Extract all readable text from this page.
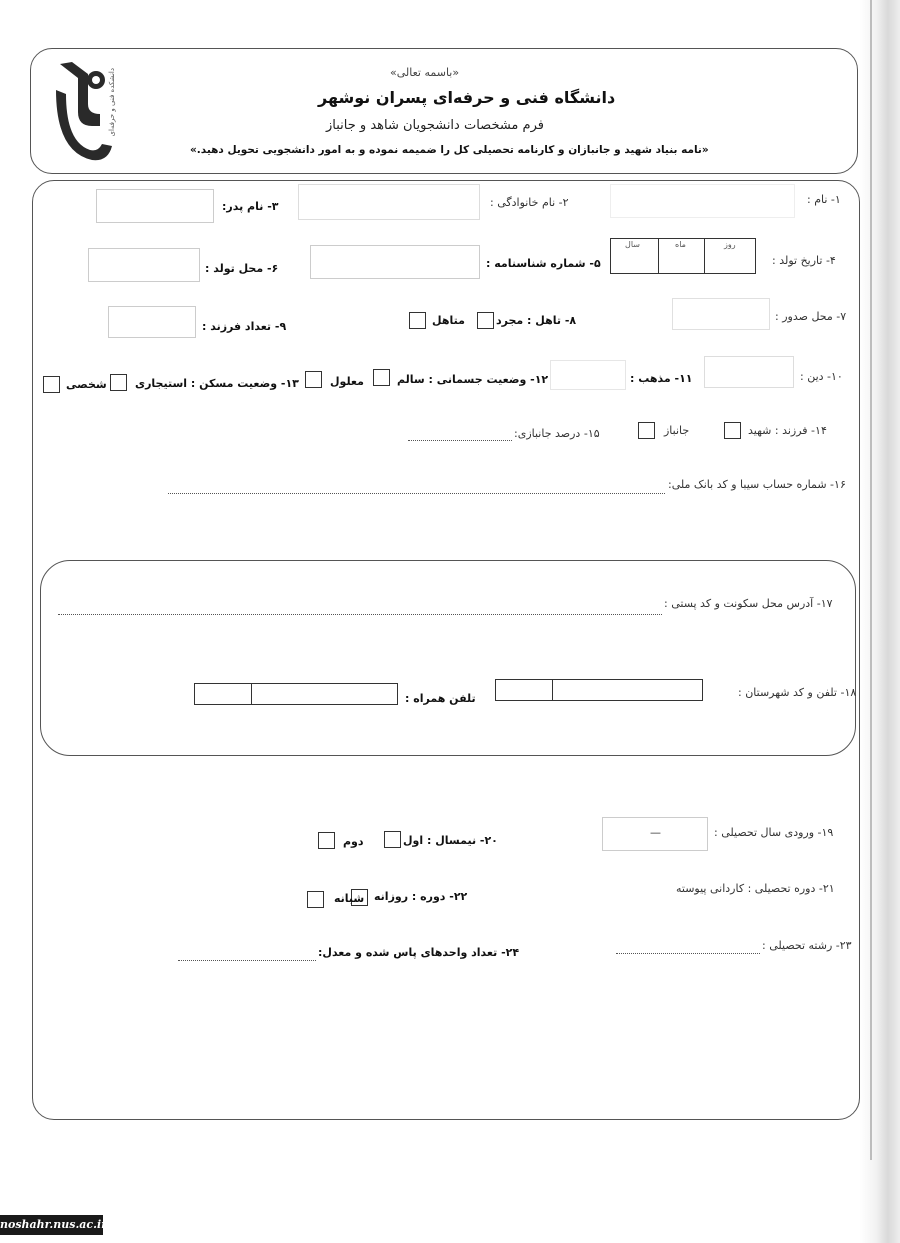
دانشکده فنی و حرفه‌ای	«باسمه تعالی»
دانشگاه فنی و حرفه‌ای پسران نوشهر
فرم مشخصات دانشجویان شاهد و جانباز
«نامه بنیاد شهید و جانبازان و کارنامه تحصیلی کل را ضمیمه نموده و به امور دانشجویی تحویل دهید.»
۱- نام :
۲- نام خانوادگی :
۳- نام پدر:
۴- تاریخ تولد :
روز
ماه
سال
۵- شماره شناسنامه :
۶- محل تولد :
۷- محل صدور :
۸- تاهل : مجرد
متاهل
۹- تعداد فرزند :
۱۰- دین :
۱۱- مذهب :
۱۲- وضعیت جسمانی : سالم
معلول
۱۳- وضعیت مسکن : استیجاری
شخصی
۱۴- فرزند : شهید
جانباز
۱۵- درصد جانبازی:
۱۶- شماره حساب سیبا و کد بانک ملی:
۱۷- آدرس محل سکونت و کد پستی :
۱۸- تلفن و کد شهرستان :
تلفن همراه :
۱۹- ورودی سال تحصیلی :
—
۲۰- نیمسال : اول
دوم
۲۱- دوره تحصیلی : کاردانی پیوسته
۲۲- دوره : روزانه
شبانه
۲۳- رشته تحصیلی :
۲۴- تعداد واحدهای پاس شده و معدل:
noshahr.nus.ac.ir
